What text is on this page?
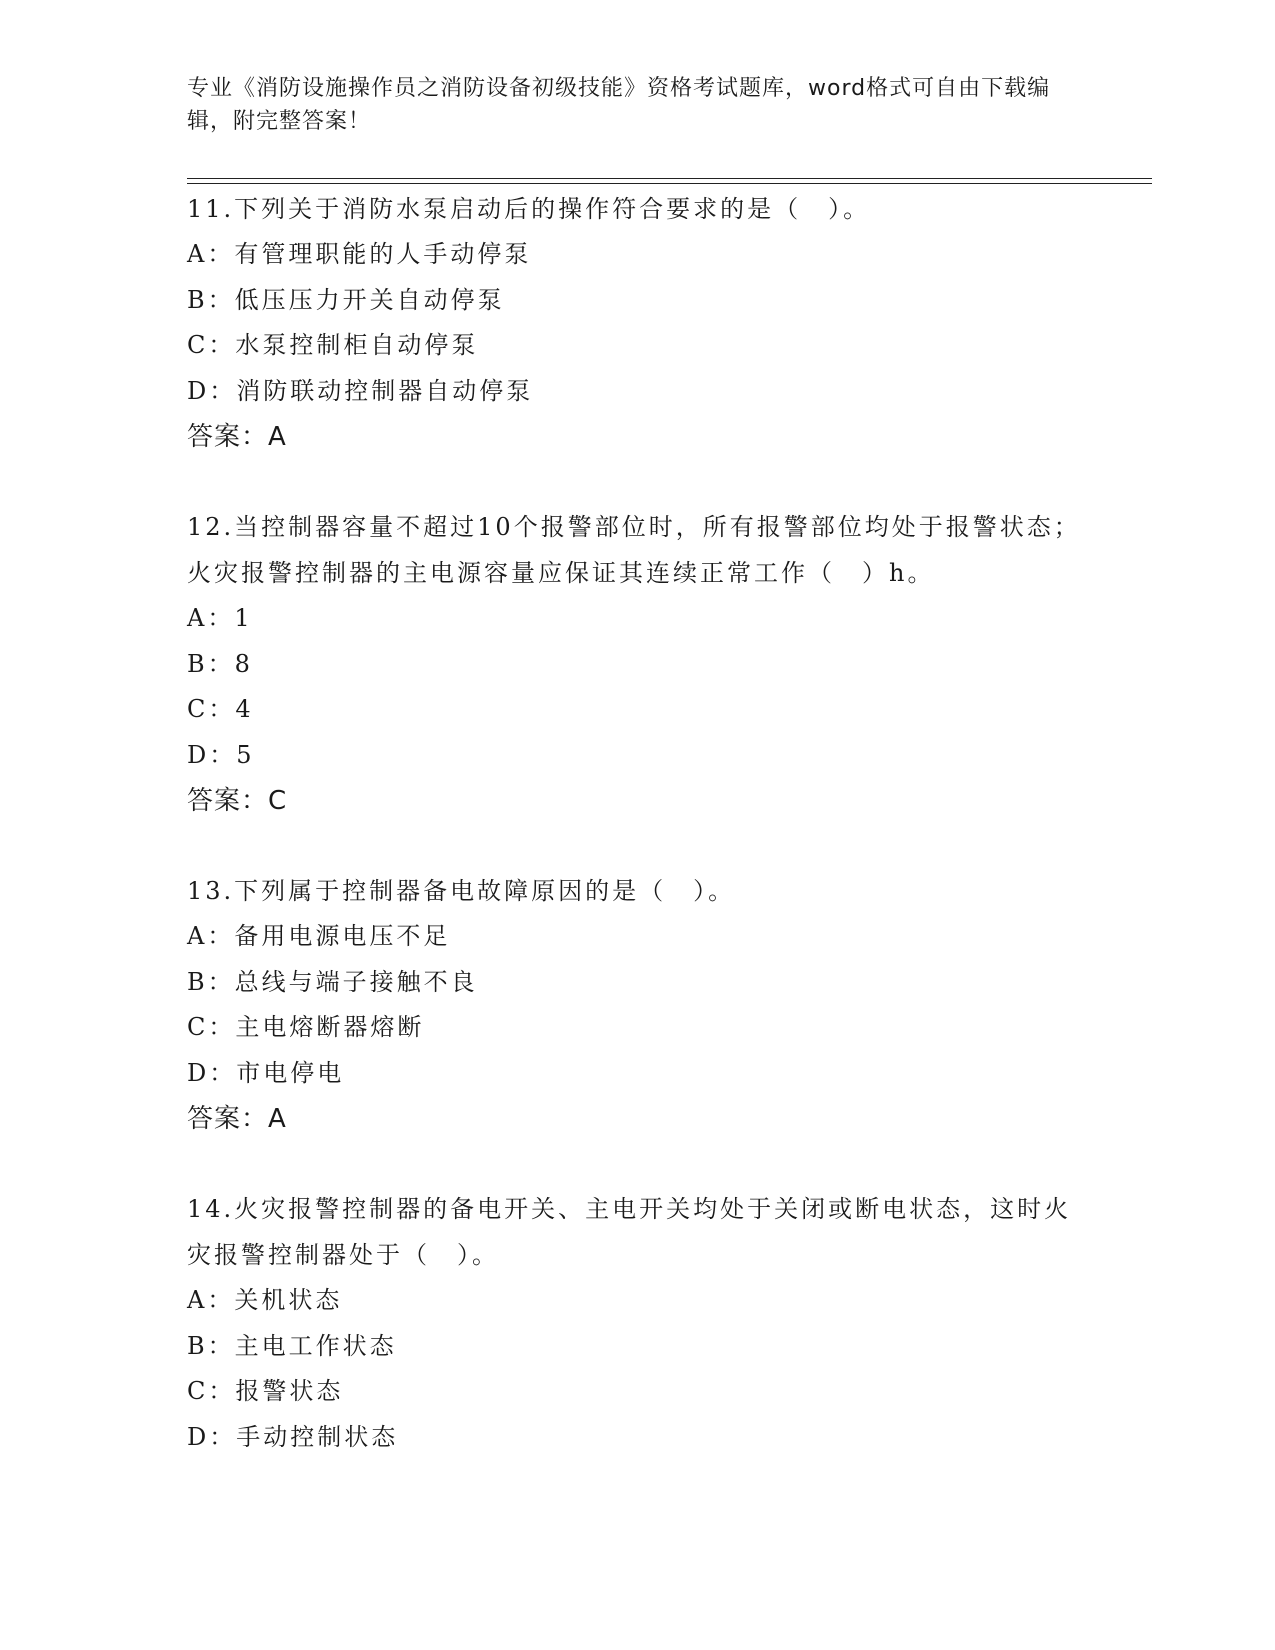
专业《消防设施操作员之消防设备初级技能》资格考试题库，word格式可自由下载编辑，附完整答案！
11.下列关于消防水泵启动后的操作符合要求的是（　）。
A：有管理职能的人手动停泵
B：低压压力开关自动停泵
C：水泵控制柜自动停泵
D：消防联动控制器自动停泵
答案：A
12.当控制器容量不超过10个报警部位时，所有报警部位均处于报警状态；火灾报警控制器的主电源容量应保证其连续正常工作（　）h。
A：1
B：8
C：4
D：5
答案：C
13.下列属于控制器备电故障原因的是（　）。
A：备用电源电压不足
B：总线与端子接触不良
C：主电熔断器熔断
D：市电停电
答案：A
14.火灾报警控制器的备电开关、主电开关均处于关闭或断电状态，这时火灾报警控制器处于（　）。
A：关机状态
B：主电工作状态
C：报警状态
D：手动控制状态
